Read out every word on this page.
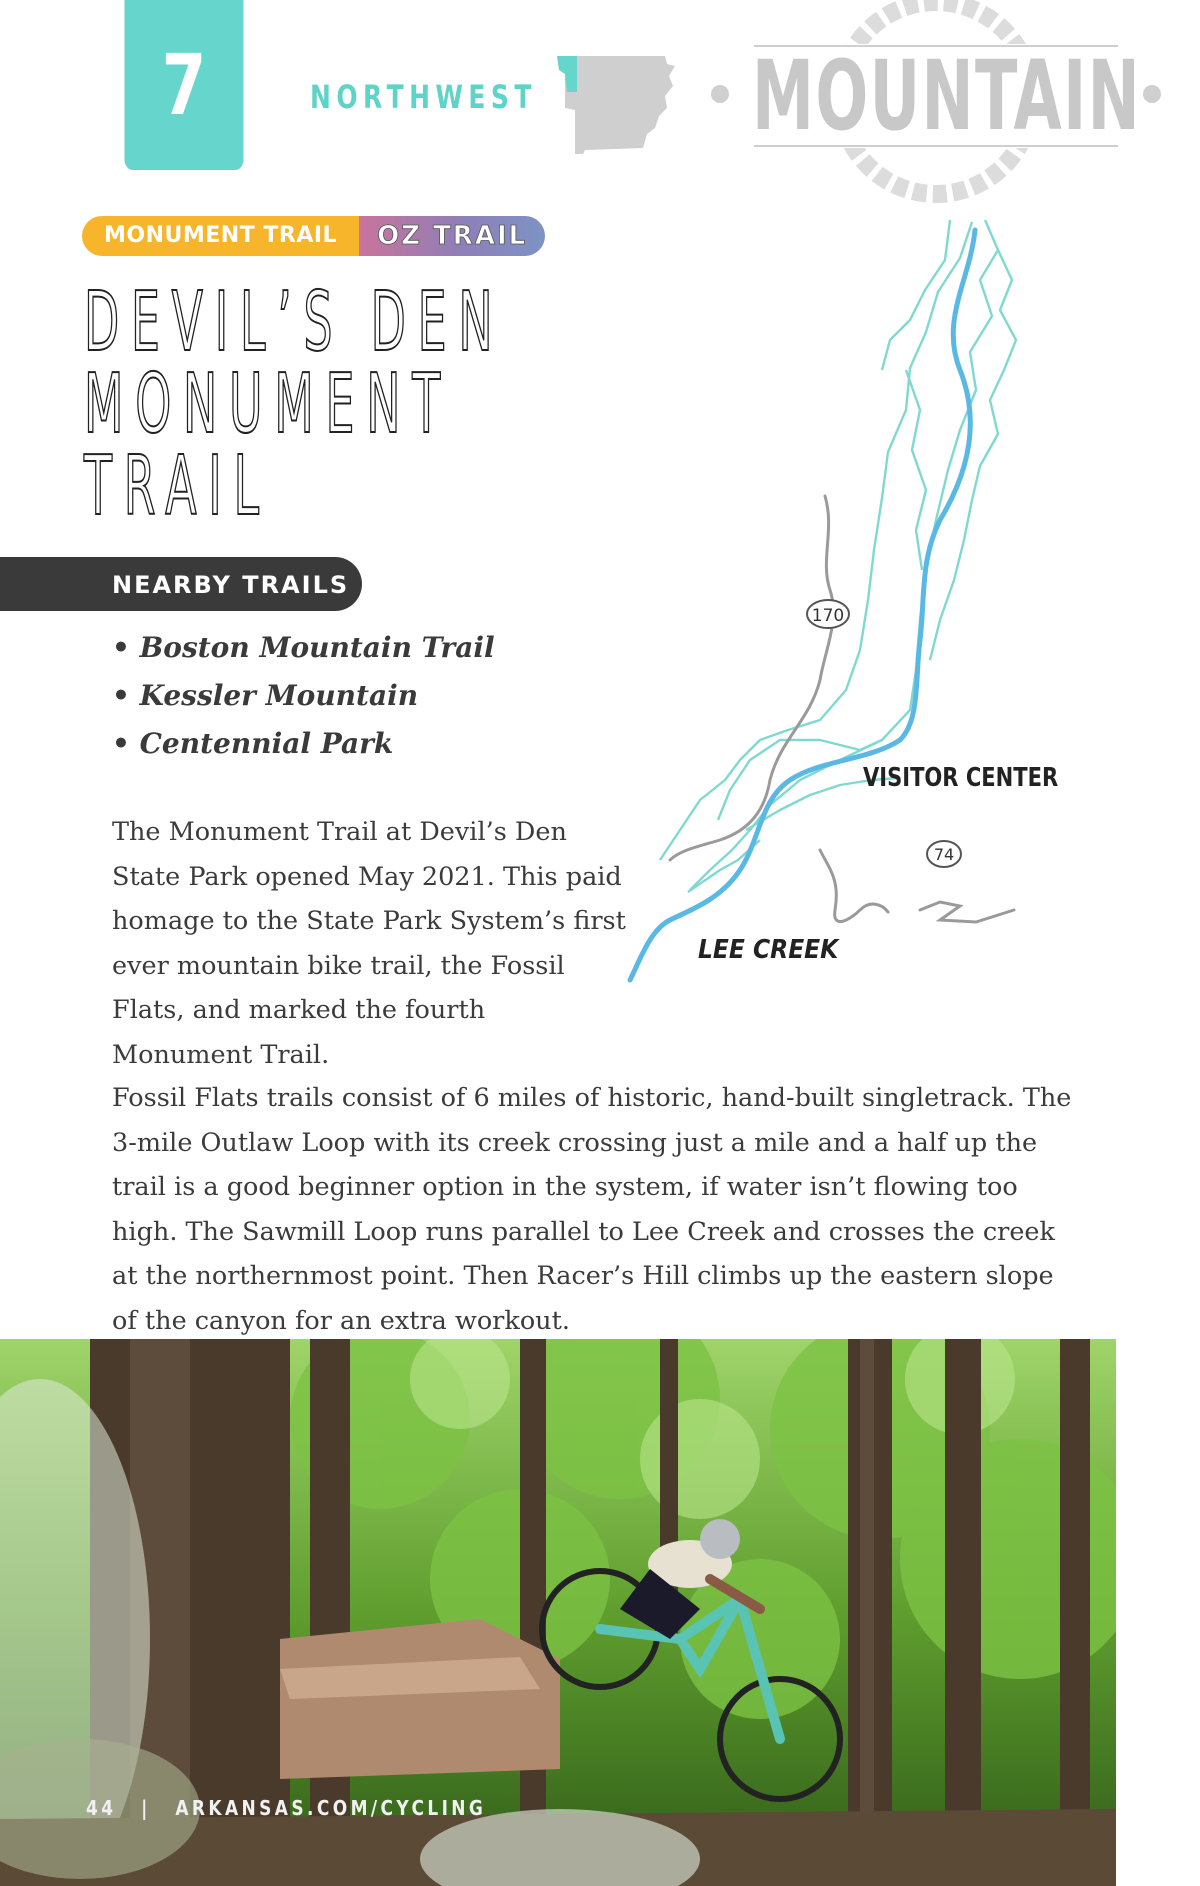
7	NORTHWEST MOUNTAIN
MONUMENT TRAIL	OZ TRAIL
DEVIL’S DEN
MONUMENT
TRAIL
NEARBY TRAILS
• Boston Mountain Trail
• Kessler Mountain
• Centennial Park

The Monument Trail at Devil’s Den State Park opened May 2021. This paid homage to the State Park System’s first ever mountain bike trail, the Fossil Flats, and marked the fourth Monument Trail.

170
74
VISITOR CENTER
LEE CREEK

Fossil Flats trails consist of 6 miles of historic, hand-built singletrack. The 3-mile Outlaw Loop with its creek crossing just a mile and a half up the trail is a good beginner option in the system, if water isn’t flowing too high. The Sawmill Loop runs parallel to Lee Creek and crosses the creek at the northernmost point. Then Racer’s Hill climbs up the eastern slope of the canyon for an extra workout.

44 | ARKANSAS.COM/CYCLING
